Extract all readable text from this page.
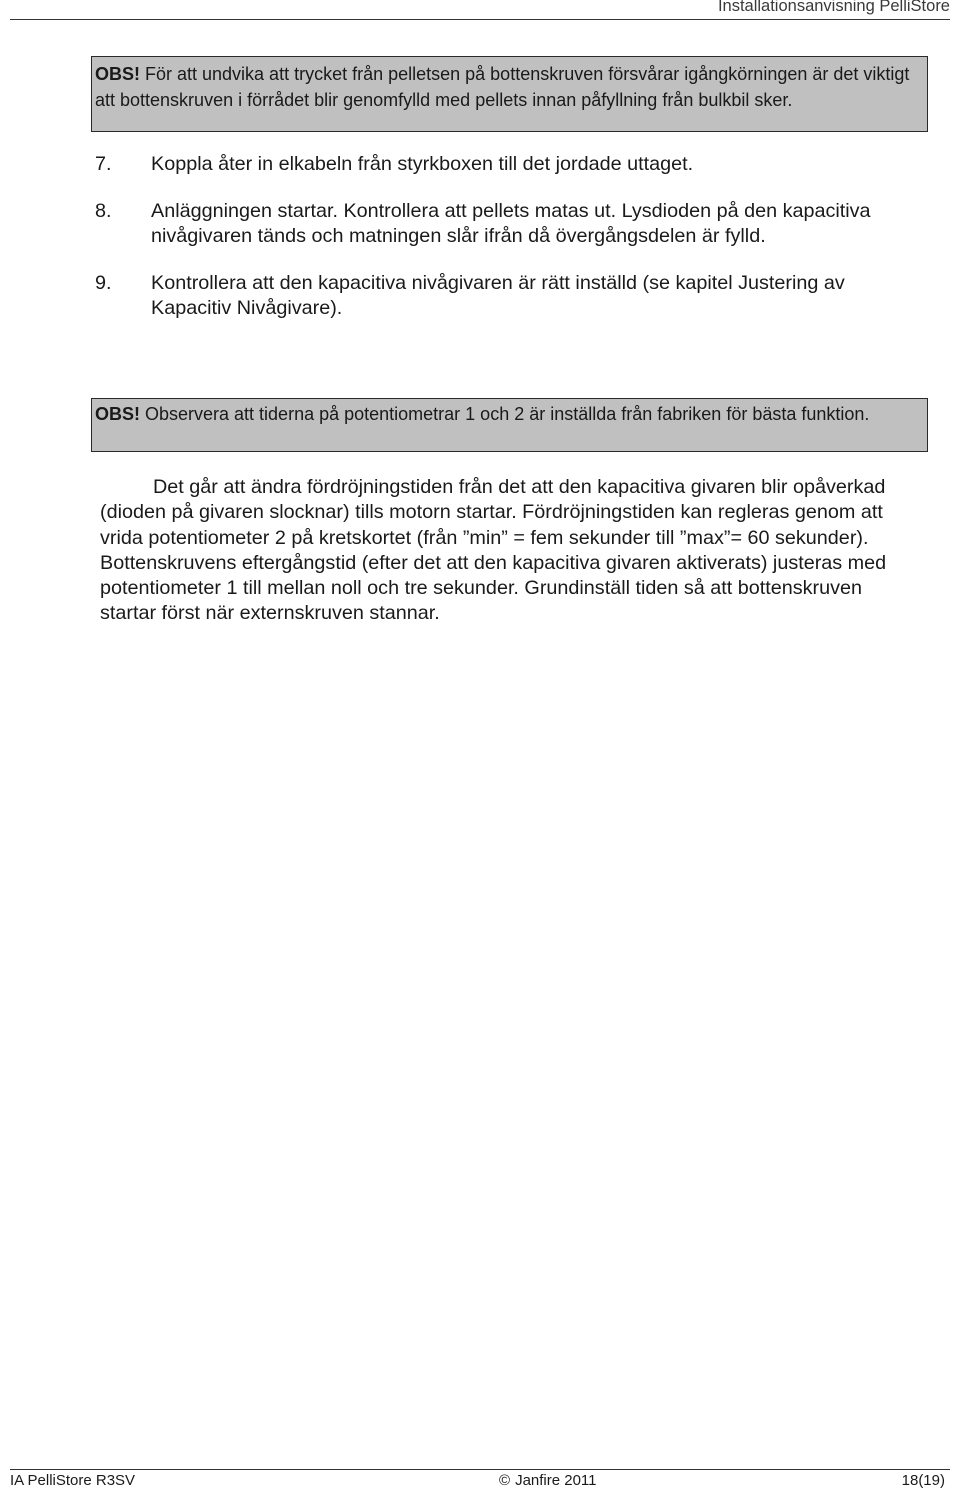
Installationsanvisning PelliStore
OBS! För att undvika att trycket från pelletsen på bottenskruven försvårar igångkörningen är det viktigt att bottenskruven i förrådet blir genomfylld med pellets innan påfyllning från bulkbil sker.
7. Koppla åter in elkabeln från styrkboxen till det jordade uttaget.
8. Anläggningen startar. Kontrollera att pellets matas ut. Lysdioden på den kapacitiva nivågivaren tänds och matningen slår ifrån då övergångsdelen är fylld.
9. Kontrollera att den kapacitiva nivågivaren är rätt inställd (se kapitel Justering av Kapacitiv Nivågivare).
OBS! Observera att tiderna på potentiometrar 1 och 2 är inställda från fabriken för bästa funktion.

Det går att ändra fördröjningstiden från det att den kapacitiva givaren blir opåverkad (dioden på givaren slocknar) tills motorn startar. Fördröjningstiden kan regleras genom att vrida potentiometer 2 på kretskortet (från ”min” = fem sekunder till ”max”= 60 sekunder). Bottenskruvens eftergångstid (efter det att den kapacitiva givaren aktiverats) justeras med potentiometer 1 till mellan noll och tre sekunder. Grundinställ tiden så att bottenskruven startar först när externskruven stannar.

IA PelliStore R3SV	© Janfire 2011	18(19)
